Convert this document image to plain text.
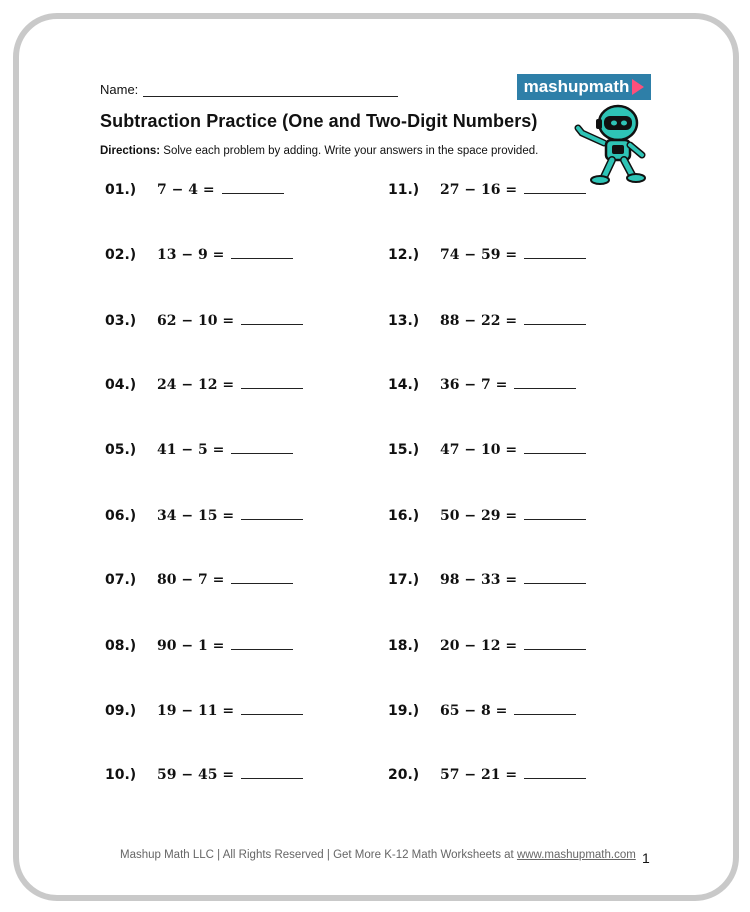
Name:
Subtraction Practice (One and Two-Digit Numbers)
Directions: Solve each problem by adding. Write your answers in the space provided.
mashupmath
01.)	7 − 4 =
02.)	13 − 9 =
03.)	62 − 10 =
04.)	24 − 12 =
05.)	41 − 5 =
06.)	34 − 15 =
07.)	80 − 7 =
08.)	90 − 1 =
09.)	19 − 11 =
10.)	59 − 45 =
11.)	27 − 16 =
12.)	74 − 59 =
13.)	88 − 22 =
14.)	36 − 7 =
15.)	47 − 10 =
16.)	50 − 29 =
17.)	98 − 33 =
18.)	20 − 12 =
19.)	65 − 8 =
20.)	57 − 21 =
Mashup Math LLC | All Rights Reserved | Get More K-12 Math Worksheets at www.mashupmath.com 1
